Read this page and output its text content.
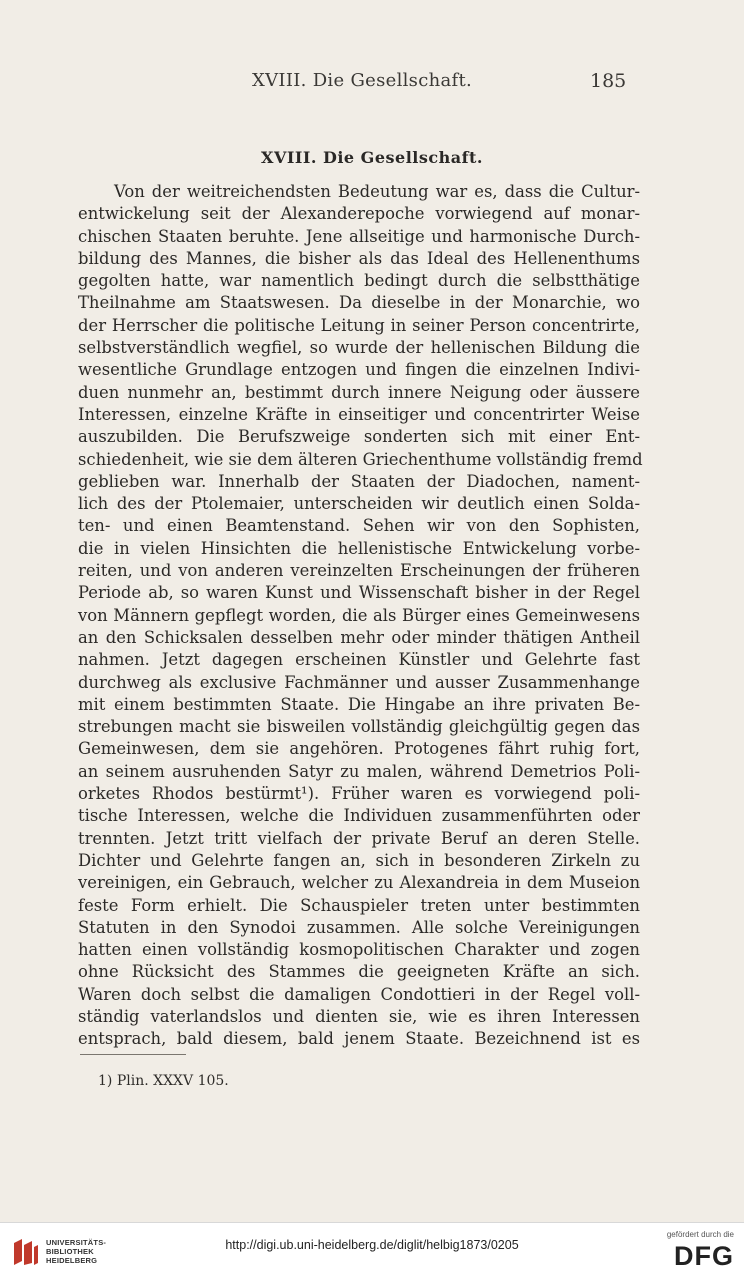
XVIII. Die Gesellschaft.	185
XVIII. Die Gesellschaft.
Von der weitreichendsten Bedeutung war es, dass die Cultur-
entwickelung seit der Alexanderepoche vorwiegend auf monar-
chischen Staaten beruhte. Jene allseitige und harmonische Durch-
bildung des Mannes, die bisher als das Ideal des Hellenenthums
gegolten hatte, war namentlich bedingt durch die selbstthätige
Theilnahme am Staatswesen. Da dieselbe in der Monarchie, wo
der Herrscher die politische Leitung in seiner Person concentrirte,
selbstverständlich wegfiel, so wurde der hellenischen Bildung die
wesentliche Grundlage entzogen und fingen die einzelnen Indivi-
duen nunmehr an, bestimmt durch innere Neigung oder äussere
Interessen, einzelne Kräfte in einseitiger und concentrirter Weise
auszubilden. Die Berufszweige sonderten sich mit einer Ent-
schiedenheit, wie sie dem älteren Griechenthume vollständig fremd
geblieben war. Innerhalb der Staaten der Diadochen, nament-
lich des der Ptolemaier, unterscheiden wir deutlich einen Solda-
ten- und einen Beamtenstand. Sehen wir von den Sophisten,
die in vielen Hinsichten die hellenistische Entwickelung vorbe-
reiten, und von anderen vereinzelten Erscheinungen der früheren
Periode ab, so waren Kunst und Wissenschaft bisher in der Regel
von Männern gepflegt worden, die als Bürger eines Gemeinwesens
an den Schicksalen desselben mehr oder minder thätigen Antheil
nahmen. Jetzt dagegen erscheinen Künstler und Gelehrte fast
durchweg als exclusive Fachmänner und ausser Zusammenhange
mit einem bestimmten Staate. Die Hingabe an ihre privaten Be-
strebungen macht sie bisweilen vollständig gleichgültig gegen das
Gemeinwesen, dem sie angehören. Protogenes fährt ruhig fort,
an seinem ausruhenden Satyr zu malen, während Demetrios Poli-
orketes Rhodos bestürmt¹). Früher waren es vorwiegend poli-
tische Interessen, welche die Individuen zusammenführten oder
trennten. Jetzt tritt vielfach der private Beruf an deren Stelle.
Dichter und Gelehrte fangen an, sich in besonderen Zirkeln zu
vereinigen, ein Gebrauch, welcher zu Alexandreia in dem Museion
feste Form erhielt. Die Schauspieler treten unter bestimmten
Statuten in den Synodoi zusammen. Alle solche Vereinigungen
hatten einen vollständig kosmopolitischen Charakter und zogen
ohne Rücksicht des Stammes die geeigneten Kräfte an sich.
Waren doch selbst die damaligen Condottieri in der Regel voll-
ständig vaterlandslos und dienten sie, wie es ihren Interessen
entsprach, bald diesem, bald jenem Staate. Bezeichnend ist es
1) Plin. XXXV 105.
UNIVERSITÄTS-
BIBLIOTHEK
HEIDELBERG
http://digi.ub.uni-heidelberg.de/diglit/helbig1873/0205
gefördert durch die
DFG
